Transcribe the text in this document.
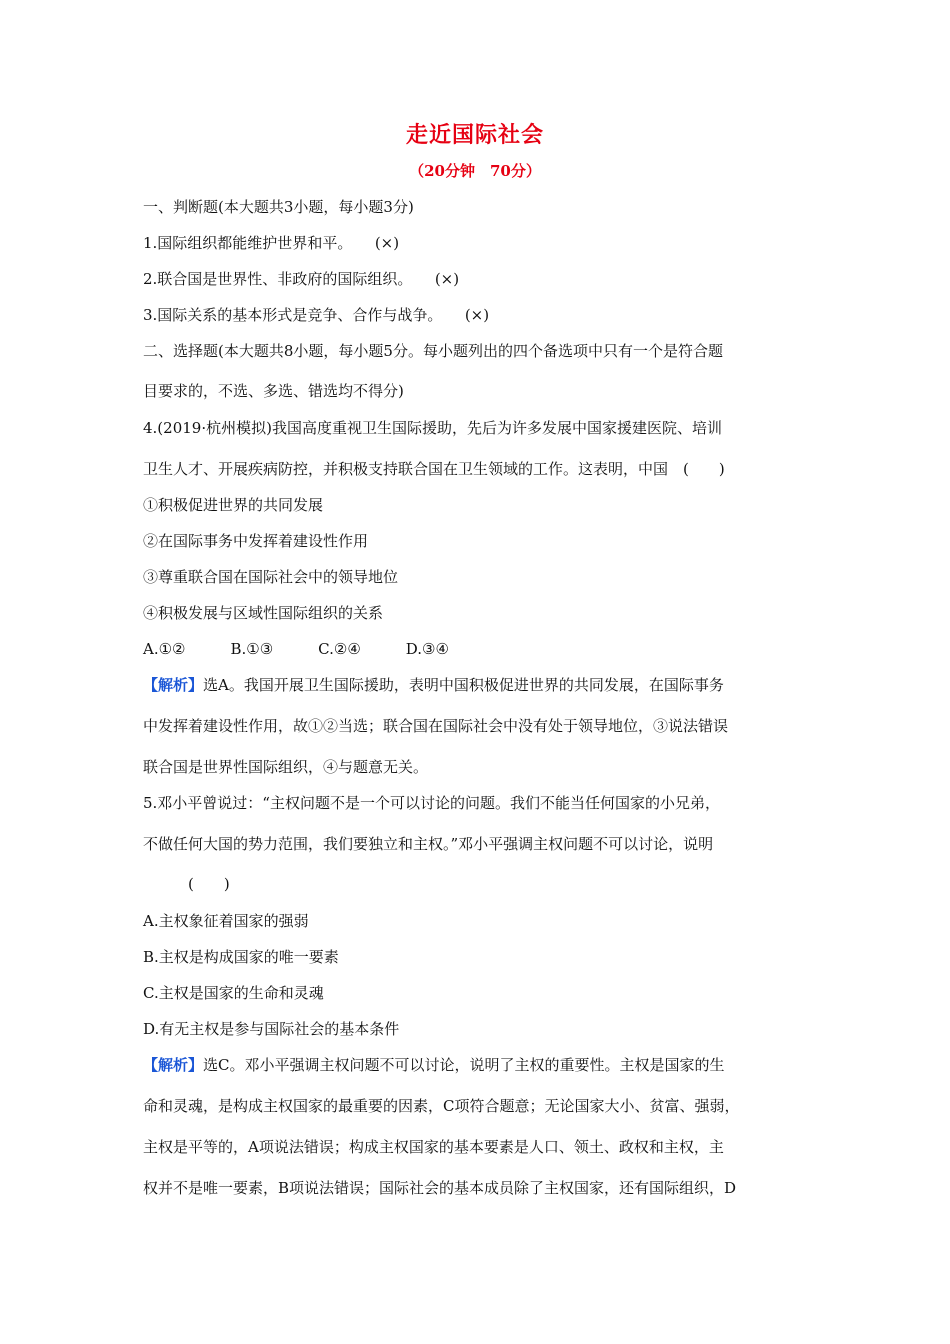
走近国际社会
（20分钟　70分）
一、判断题(本大题共3小题，每小题3分)
1.国际组织都能维护世界和平。　　(×)
2.联合国是世界性、非政府的国际组织。　　(×)
3.国际关系的基本形式是竞争、合作与战争。　　(×)
二、选择题(本大题共8小题，每小题5分。每小题列出的四个备选项中只有一个是符合题
目要求的，不选、多选、错选均不得分)
4.(2019·杭州模拟)我国高度重视卫生国际援助，先后为许多发展中国家援建医院、培训
卫生人才、开展疾病防控，并积极支持联合国在卫生领域的工作。这表明，中国　(　　)
①积极促进世界的共同发展
②在国际事务中发挥着建设性作用
③尊重联合国在国际社会中的领导地位
④积极发展与区域性国际组织的关系
A.①②　　　B.①③　　　C.②④　　　D.③④
【解析】选A。我国开展卫生国际援助，表明中国积极促进世界的共同发展，在国际事务
中发挥着建设性作用，故①②当选；联合国在国际社会中没有处于领导地位，③说法错误
联合国是世界性国际组织，④与题意无关。
5.邓小平曾说过：“主权问题不是一个可以讨论的问题。我们不能当任何国家的小兄弟，
不做任何大国的势力范围，我们要独立和主权。”邓小平强调主权问题不可以讨论，说明
　　　(　　)
A.主权象征着国家的强弱
B.主权是构成国家的唯一要素
C.主权是国家的生命和灵魂
D.有无主权是参与国际社会的基本条件
【解析】选C。邓小平强调主权问题不可以讨论，说明了主权的重要性。主权是国家的生
命和灵魂，是构成主权国家的最重要的因素，C项符合题意；无论国家大小、贫富、强弱，
主权是平等的，A项说法错误；构成主权国家的基本要素是人口、领土、政权和主权，主
权并不是唯一要素，B项说法错误；国际社会的基本成员除了主权国家，还有国际组织，D
